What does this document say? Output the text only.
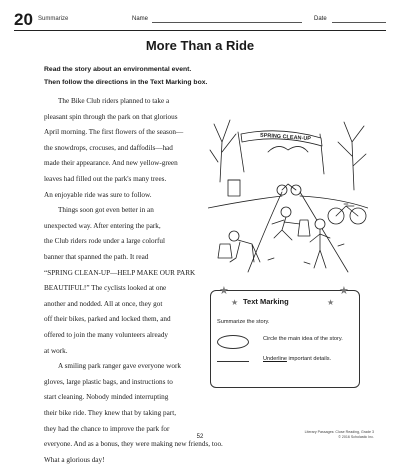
20 Summarize	Name	Date
More Than a Ride
Read the story about an environmental event.
Then follow the directions in the Text Marking box.
The Bike Club riders planned to take a
pleasant spin through the park on that glorious
April morning. The first flowers of the season—
the snowdrops, crocuses, and daffodils—had
made their appearance. And new yellow-green
leaves had filled out the park's many trees.
An enjoyable ride was sure to follow.
Things soon got even better in an
unexpected way. After entering the park,
the Club riders rode under a large colorful
banner that spanned the path. It read
“SPRING CLEAN-UP—HELP MAKE OUR PARK
BEAUTIFUL!” The cyclists looked at one
another and nodded. All at once, they got
off their bikes, parked and locked them, and
offered to join the many volunteers already
at work.
A smiling park ranger gave everyone work
gloves, large plastic bags, and instructions to
start cleaning. Nobody minded interrupting
their bike ride. They knew that by taking part,
they had the chance to improve the park for
everyone. And as a bonus, they were making new friends, too.
What a glorious day!
SPRING CLEAN-UP
★
★
★
★
Text Marking
Summarize the story.
Circle the main idea of the story.
Underline important details.
52
Literary Passages: Close Reading, Grade 3
© 2016 Scholastic Inc.
